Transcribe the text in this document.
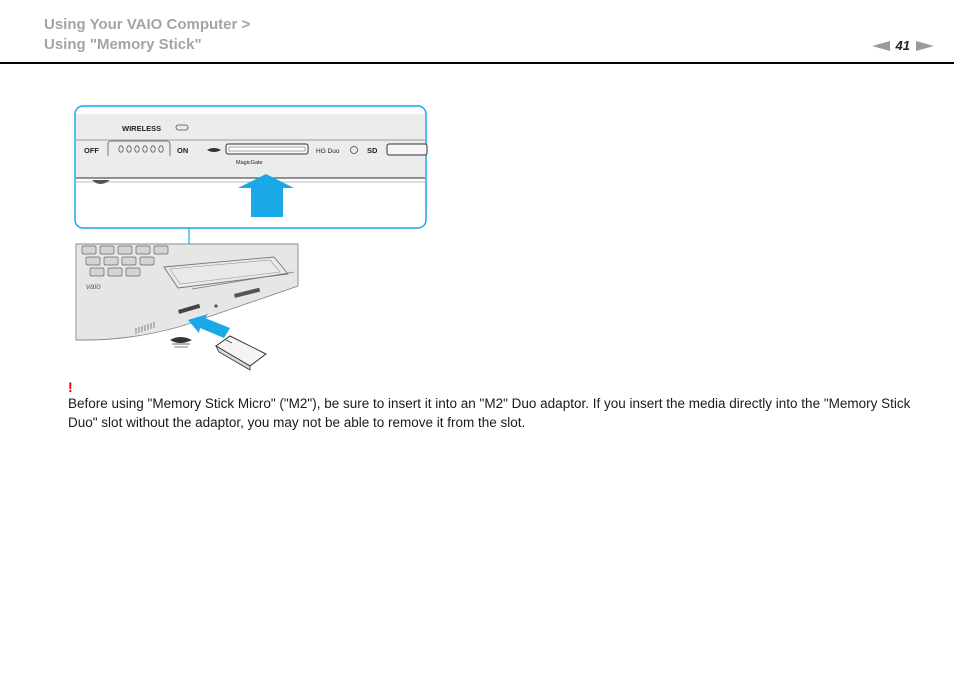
Using Your VAIO Computer >
Using "Memory Stick"	41
WIRELESS
OFF	ON
MagicGate
HG Duo	SD
vaio
!
Before using "Memory Stick Micro" ("M2"), be sure to insert it into an "M2" Duo adaptor. If you insert the media directly into the "Memory Stick Duo" slot without the adaptor, you may not be able to remove it from the slot.
